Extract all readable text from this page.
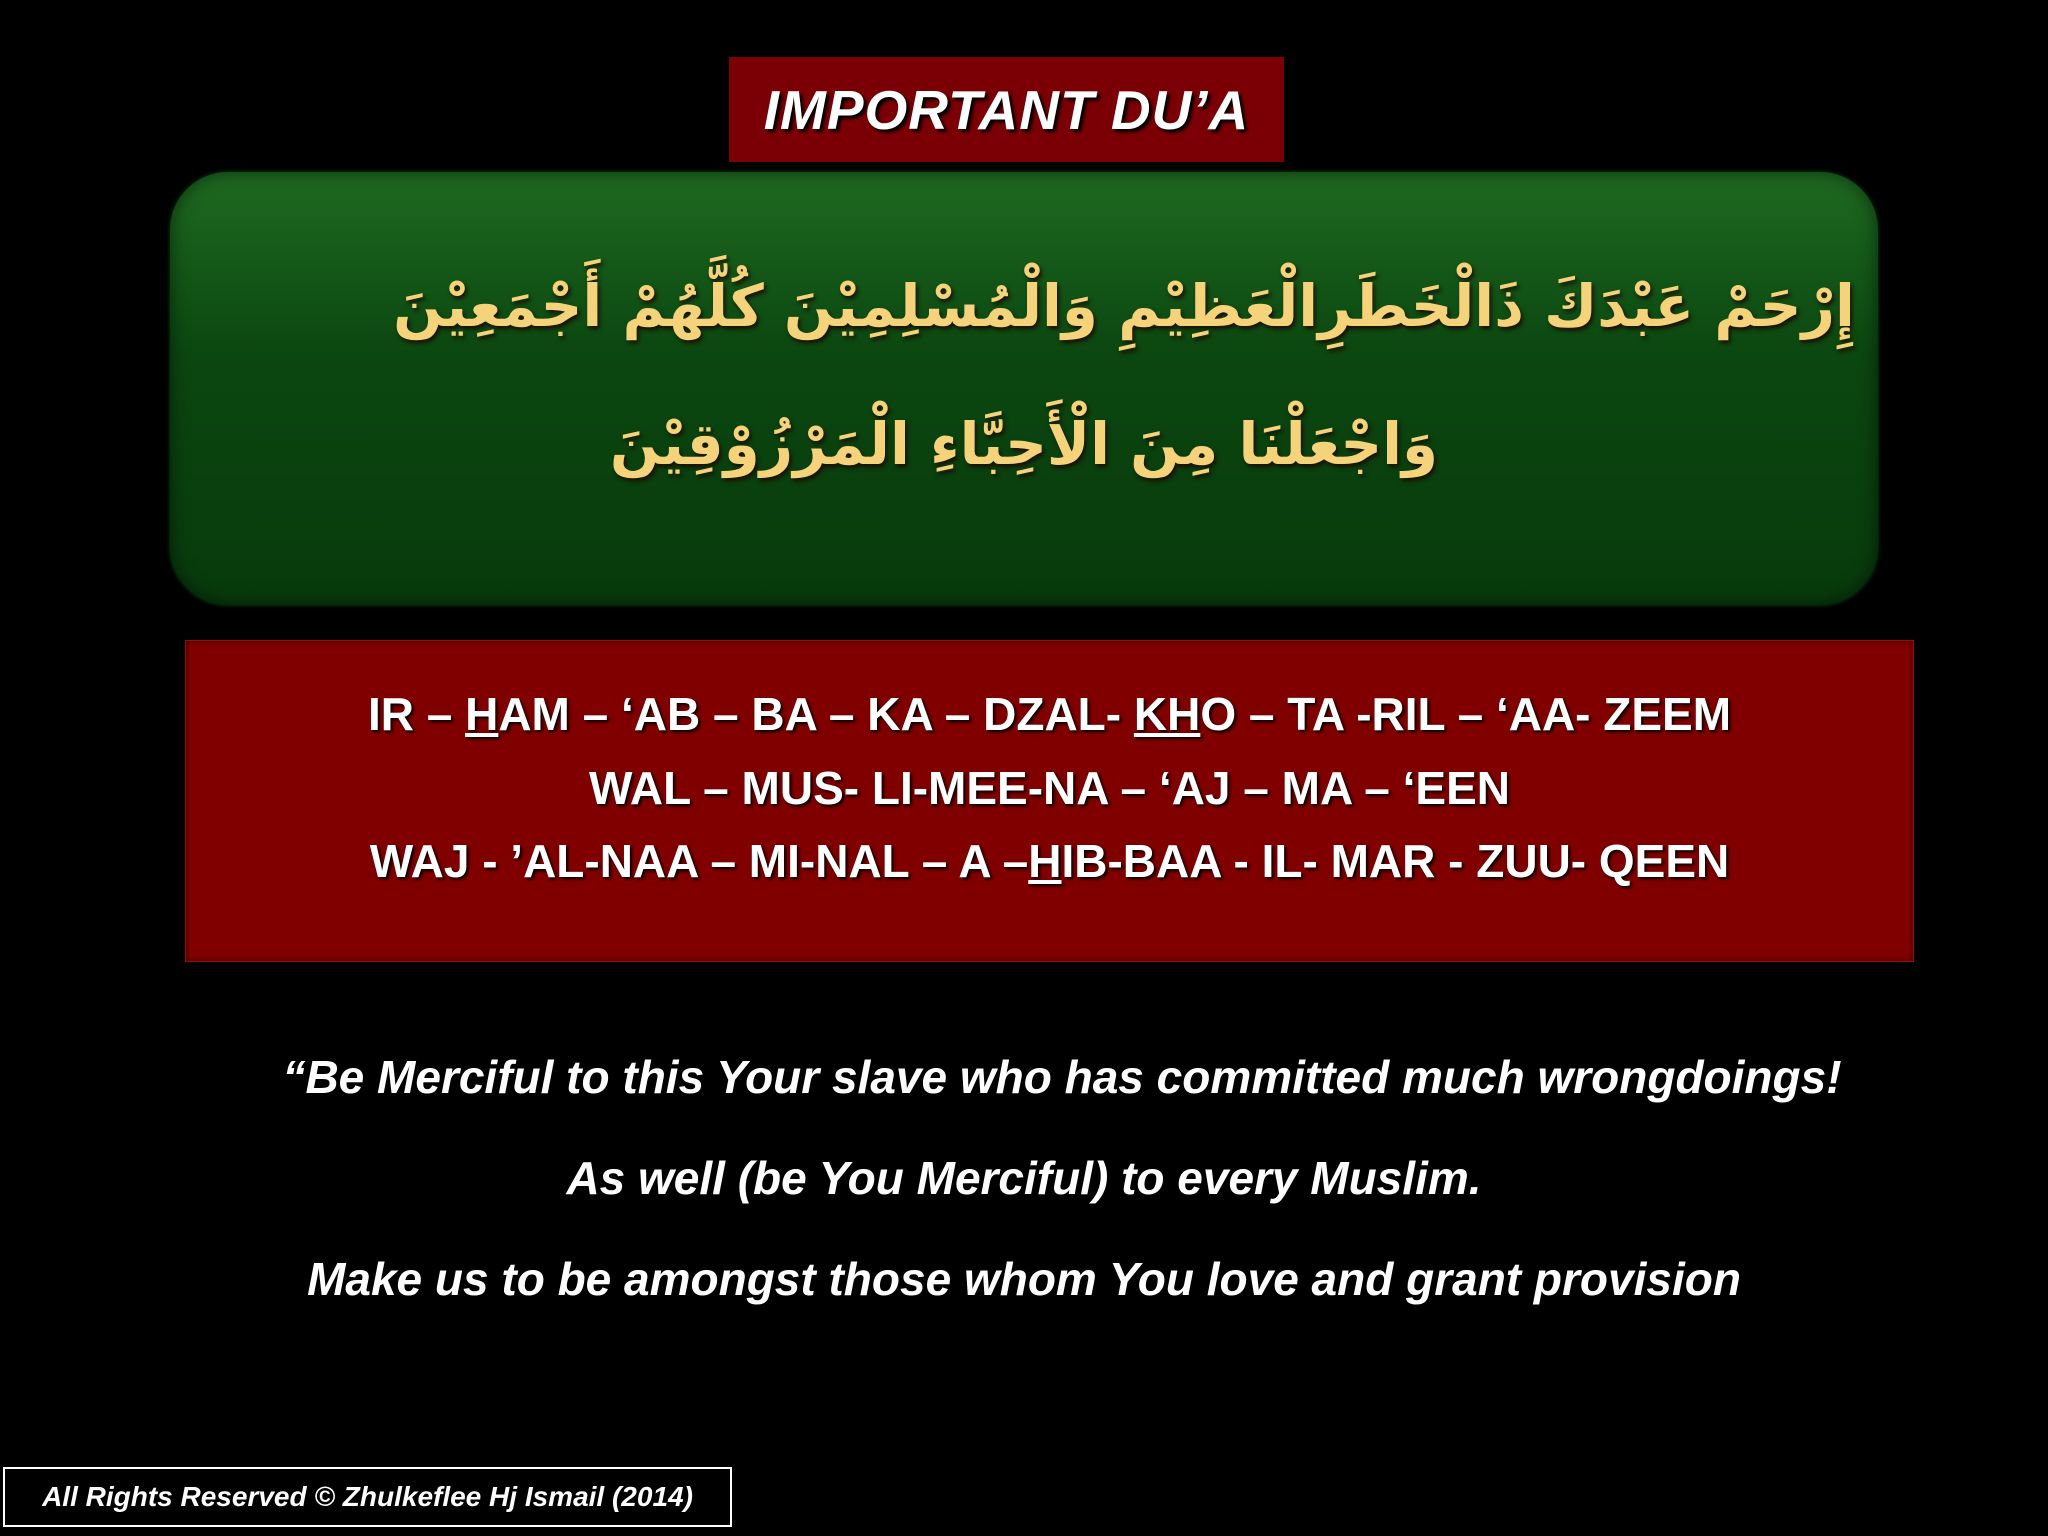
IMPORTANT DU’A
إِرْحَمْ عَبْدَكَ ذَالْخَطَرِالْعَظِيْمِ وَالْمُسْلِمِيْنَ كُلَّهُمْ أَجْمَعِيْنَ
وَاجْعَلْنَا مِنَ الْأَحِبَّاءِ الْمَرْزُوْقِيْنَ
IR – HAM – ‘AB – BA – KA – DZAL- KHO – TA -RIL – ‘AA- ZEEM
WAL – MUS- LI-MEE-NA – ‘AJ – MA – ‘EEN
WAJ - ’AL-NAA – MI-NAL – A –HIB-BAA - IL- MAR - ZUU- QEEN
“Be Merciful to this Your slave who has committed much wrongdoings!
As well (be You Merciful) to every Muslim.
Make us to be amongst those whom You love and grant provision
All Rights Reserved © Zhulkeflee Hj Ismail (2014)
